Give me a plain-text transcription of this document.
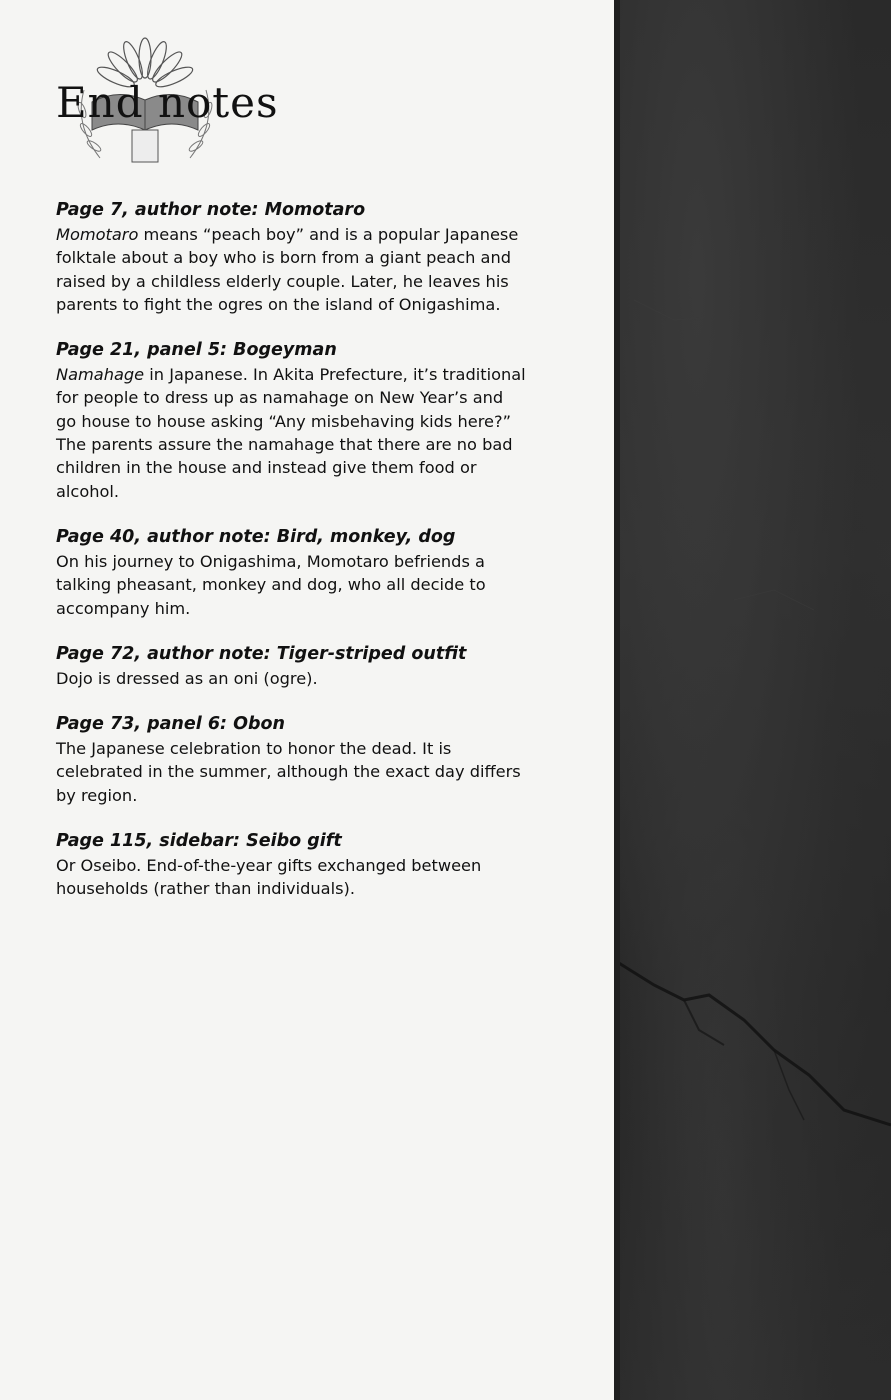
End notes

Page 7, author note: Momotaro

Momotaro means “peach boy” and is a popular Japanese folktale about a boy who is born from a giant peach and raised by a childless elderly couple. Later, he leaves his parents to fight the ogres on the island of Onigashima.

Page 21, panel 5: Bogeyman

Namahage in Japanese. In Akita Prefecture, it’s traditional for people to dress up as namahage on New Year’s and go house to house asking “Any misbehaving kids here?” The parents assure the namahage that there are no bad children in the house and instead give them food or alcohol.

Page 40, author note: Bird, monkey, dog

On his journey to Onigashima, Momotaro befriends a talking pheasant, monkey and dog, who all decide to accompany him.

Page 72, author note: Tiger-striped outfit

Dojo is dressed as an oni (ogre).

Page 73, panel 6: Obon

The Japanese celebration to honor the dead. It is celebrated in the summer, although the exact day differs by region.

Page 115, sidebar: Seibo gift

Or Oseibo. End-of-the-year gifts exchanged between households (rather than individuals).
